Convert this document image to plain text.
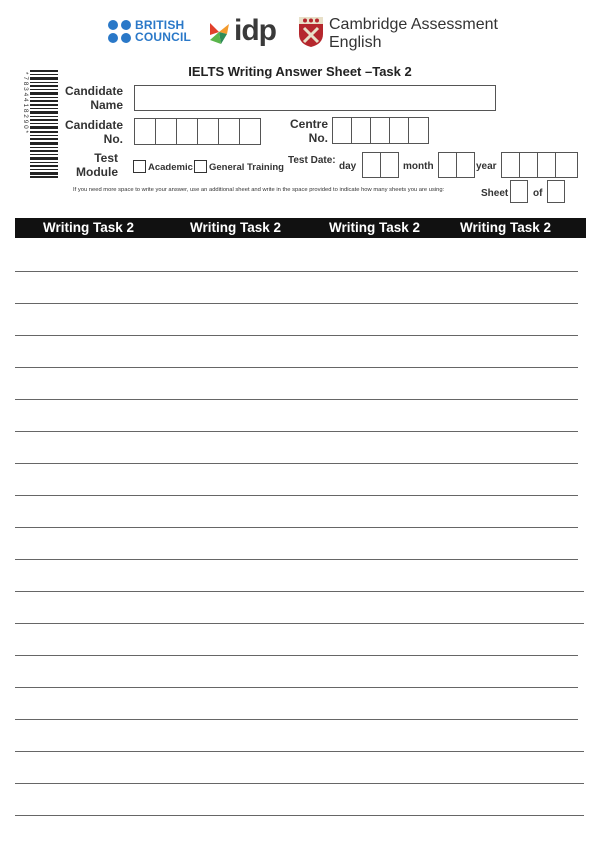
BRITISH
COUNCIL idp	Cambridge Assessment
English
IELTS Writing Answer Sheet –Task 2
* 7 8 3 4 4 1 8 2 9 0 *	Candidate
Name
Candidate
No.
Centre
No.
Test
Module	Academic General Training
Test Date:
day	month	year
If you need more space to write your answer, use an additional sheet and write in the space provided to indicate how many sheets you are using:	Sheet of
Writing Task 2	Writing Task 2	Writing Task 2	Writing Task 2
